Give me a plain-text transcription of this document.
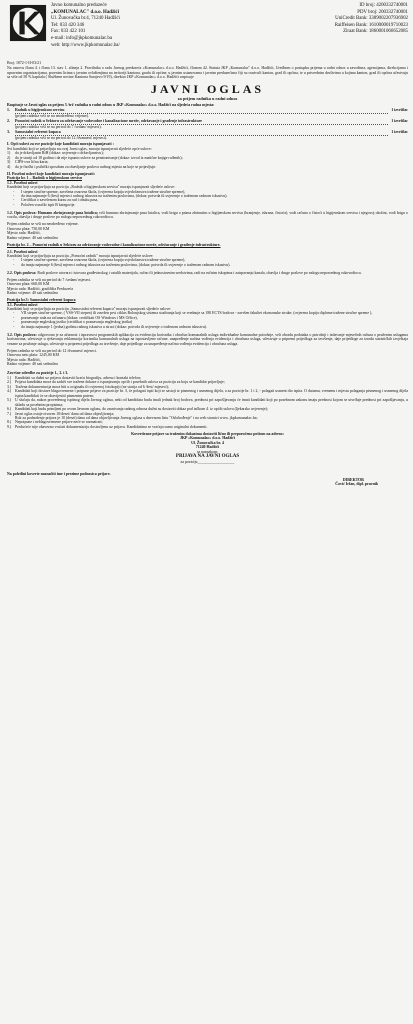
Javno komunalno preduzeće
„KOMUNALAC" d.o.o. Hadžići
Ul. Žunovačka br.4, 71240 Hadžići
Tel: 033 420 346
Fax: 033 422 101
e-mail: info@jkpkomunalac.ba
web: http://www.jkpkomunalac.ba/
ID broj: 4200332740001
PDV broj: 200332740001
UniCredit Bank: 3389002207936902
Raiffeisen Bank: 1610000019710023
Ziraat Bank: 1860001066652085

Broj: 1872-1-II-03/21

Na osnovu člana 4. i člana 13. stav 1. alineja 2. Pravilnika o radu Javnog preduzeća «Komunalac» d.o.o. Hadžići, članom 42. Statuta JKP „Komunalac" d.o.o. Hadžići, Uredbom o postupku prijema u radni odnos u zavodima, agencijama, direkcijama i upravnim organizacijama, pravnim licima s javnim ovlaštenjima na teritoriji kantona, grada ili općine, u javnim ustanovama i javnim preduzećima čiji su osnivači kanton, grad ili općina, te u privrednim društvima u kojima kanton, grad ili općina učestvuju sa više od 50 % kapitala ( Službene novine Kantona Sarajevo 9/19), direktor JKP «Komunalac» d.o.o. Hadžići raspisuje

JAVNI OGLAS
za prijem radnika u radni odnos

Raspisuje se Javni oglas za prijem 3 /tri/ radnika u radni odnos u JKP «Komunalac» d.o.o. Hadžići na sljedeća radna mjesta:

1.	Radnik u higijenskom servisu	1 izvršilac
(prijem radnika vrši se na neodređeno vrijeme).
2.	Pomoćni radnik u Sektoru za održavanje vodovodne i kanalizacione mreže, održavanje i građenje infrastrukture	1 izvršilac
(prijem radnika vrši se na period do 7 /sedam/ mjeseci).
3.	Samostalni referent kupaca	1 izvršilac
(prijem radnika vrši se na period do 12 /dvanaest/ mjeseci).

I. Opći uslovi za sve pozicije koje kandidati moraju ispunjavati :

Svi kandidati koji se prijavljuju na ovaj Javni oglas, moraju ispunjavati sljedeće opće uslove:

1)	da je državljanin BiH (dokaz: uvjerenje o državljanstvu);
2)	da je stariji od 18 godina i da nije ispunio uslove za penzionisanje (dokaz: izvod iz matične knjige rođenih);
3)	CIPS-ova lična karta;
4)	da je fizički i psihički sposoban za obavljanje poslova radnog mjesta na koje se prijavljuje.

II. Posebni uslovi koje kandidati moraju ispunjavati:

Pozicija br. 1 – Radnik u higijenskom servisu

1.1. Posebni uslovi

Kandidati koji se prijavljuju za poziciju „Radnik u higijenskom servisu" moraju ispunjavati sljedeće uslove:

-	I stepen stručne spreme, završena osnovna škola, (ovjerena kopija svjedočanstva tražene stručne spreme),
-	da ima najmanje 6 (šest) mjeseci radnog iskustva na traženim poslovima, (dokaz: potvrda ili uvjerenje o traženom radnom iskustvu),
-	Certifikat o završenom kursu za rad i obuku pasa,
-	Položen vozački ispit B kategorije.

1.2. Opis poslova: Humano zbrinjavanje pasa lutalica; vrši humano zbrinjavanje pasa lutalica, vodi brigu o psima zbrinutim u higijenskom servisu (hranjenje, ishrana, čistoća), vodi računa o čistoći u higijenskom servisu i njegovoj okolini, vodi brigu o vozilu, obavlja i druge poslove po nalogu neposrednog rukovodioca.

Prijem radnika se vrši na neodređeno vrijeme.

Osnovna plata: 750,00 KM

Mjesto rada: Hadžići,

Radno vrijeme: 40 sati sedmično

Pozicija br. 2 – Pomoćni radnik u Sektoru za održavanje vodovodne i kanalizacione mreže, održavanje i građenje infrastrukture.

2.1. Posebni uslovi

Kandidati koji se prijavljuju za poziciju „Pomoćni radnik" moraju ispunjavati sljedeće uslove:

-	I stepen stručne spreme, završena osnovna škola, (ovjerena kopija svjedočanstva tražene stručne spreme),
-	da imaju najmanje 6 (šest) mjeseci radnog iskustva na traženim poslovima, (dokaz: potvrda ili uvjerenje o traženom radnom iskustvu).

2.2. Opis poslova: Radi poslove utovara i istovara građevinskog i ostalih materijala, ručno ili jednostavnim sredstvima, radi na ručnim iskopima i zatrpavanju kanala, obavlja i druge poslove po nalogu neposrednog rukovodioca.

Prijem radnika se vrši na period do 7 /sedam/ mjeseci.

Osnovna plata: 660,00 KM

Mjesto rada: Hadžići, gradilišta Preduzeća

Radno vrijeme: 40 sati sedmično

Pozicija br.3: Samostalni referent kupaca

3.1. Posebni uslovi

Kandidati koji se prijavljuju za poziciju „Samostalni referent kupaca" moraju ispunjavati sljedeće uslove:

-	VII stepen stručne spreme, ( VSS-VII stepen) ili završen prvi ciklus Bolonjskog sistema studiranja koji se vrednuje sa 180 ECTS bodova - završen fakultet ekonomske struke; (ovjerena kopija diplome tražene stručne spreme ),
-	poznavanje rada na računaru (dokaz: certifikati OS Windows i MS Office),
-	poznavanje engleskog jezika (certifikat o poznavanju engleskog jezika)
-	da imaju najmanje 1 (jedna) godinu radnog iskustva u struci (dokaz: potvrda ili uvjerenje o traženom radnom iskustvu).

3.2. Opis poslova: odgovoran je za ažurnost i ispravnost programskih aplikacija za evidenciju korisnika i obračun komunalnih usluga individualne komunalne potrošnje, vrši obradu podataka o potrošnji i izdavanje mjesečnih računa o pruženim uslugama korisnicima, učestvuje u rješavanju reklamacija korisnika komunalnih usluga na ispostavljene račune, unapređenje načina vođenja evidencija i obračuna usluga, učestvuje u pripremi prijedloga za izvršenje, daje prijedloge za izradu statističkih izvještaja vezane za pružanje usluga, učestvuje u pripremi prijedloga za izvršenje, daje prijedloge za unapređenje načina vođenja evidencija i obračuna usluga.

Prijem radnika se vrši na period do 12 /dvanaest/ mjeseci.

Osnovna neto plata: 1245,00 KM

Mjesto rada: Hadžići,

Radno vrijeme: 40 sati sedmično

Završne odredbe za pozicije 1., 2. i 3.

1.) Kandidati su dužni uz prijavu dostaviti kraću biografiju, adresu i kontakt telefon;
2.) Prijava kandidata mora da sadrži sve tražene dokaze o ispunjavanju općih i posebnih uslova za poziciju za koju se kandidat prijavljuje;
3.) Tražena dokumentacija mora biti u originalu ili ovjerenoj fotokopiji (ne starija od 6 /šest/ mjeseci);
4.) Kandidati koji dostave blagovremene i potpune prijave za pozicije br. 3, će polagati ispit koji se sastoji iz pismenog i usmenog dijela, a za pozicije br. 1 i 2, - polagati usmeni dio ispita. O datumu, vremenu i mjestu polaganja pismenog i usmenog dijela ispita kandidati će se obavijestiti pismenim putem;
5.) U slučaju da, nakon provedenog ispitnog dijela Javnog oglasa, neki od kandidata budu imali jednak broj bodova, prednost pri zapošljavanju će imati kandidati koji po posebnom zakonu imaju prednost kojom se utvrđuje prednost pri zapošljavanju, u skladu sa posebnim propisima;
6.) Kandidati koji budu primljeni po ovom Javnom oglasu, do zasnivanja radnog odnosa dužni su dostaviti dokaz pod tačkom 4. iz općih uslova (ljekarsko uvjerenje);
7.) Javni oglas ostaje otvoren 10/deset/ dana od dana objavljivanja;
Rok za podnošenje prijava je 10 (deset) dana od dana objavljivanja Javnog oglasa u dnevnom listu "Oslobođenje" i na web stranici www. jkpkomunalac.ba;
8.) Nepotpune i neblagovremene prijave neće se razmatrati;
9.) Predućeće nije obavezno vraćati dokumentaciju dostavljenu uz prijavu. Kandidatima se vraćaju samo originalni dokumenti.

Kovertirane prijave sa traženim dokazima dostaviti lično ili preporučeno poštom na adresu:

JKP «Komunalac» d.o.o. Hadžići
Ul. Žunovačka br. 4
71240 Hadžići
sa naznakom:
PRIJAVA NA JAVNI OGLAS
za poziciju___________________

Na poleđini koverte naznačiti ime i prezime podnosica prijave.

DIREKTOR
Čović Irfan, dipl. pravnik
